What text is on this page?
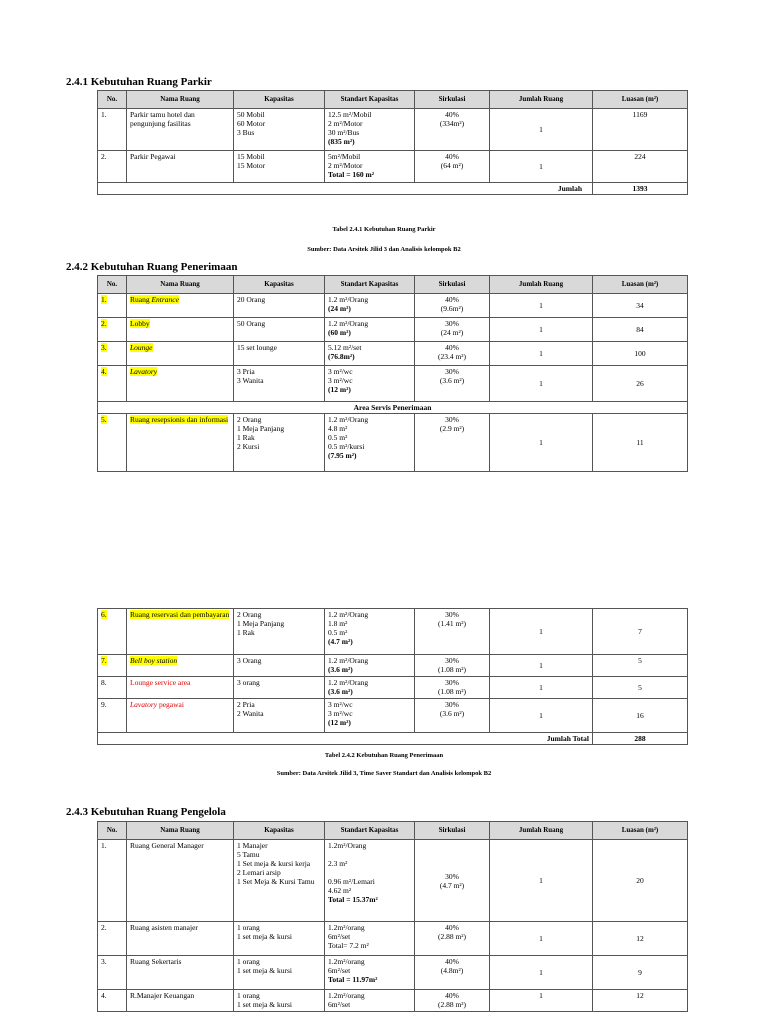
2.4.1 Kebutuhan Ruang Parkir

No.	Nama Ruang	Kapasitas	Standart Kapasitas	Sirkulasi	Jumlah Ruang	Luasan (m²)
1.	Parkir tamu hotel dan pengunjung fasilitas	50 Mobil
60 Motor
3 Bus	12.5 m²/Mobil
2 m²/Motor
30 m²/Bus
(835 m²)	40%
(334m²)	1	1169
2.	Parkir Pegawai	15 Mobil
15 Motor	5m²/Mobil
2 m²/Motor
Total = 160 m²	40%
(64 m²)	1	224
Jumlah						1393
Tabel 2.4.1 Kebutuhan Ruang Parkir
Sumber: Data Arsitek Jilid 3 dan Analisis kelompok B2

2.4.2 Kebutuhan Ruang Penerimaan

No.	Nama Ruang	Kapasitas	Standart Kapasitas	Sirkulasi	Jumlah Ruang	Luasan (m²)
1.	Ruang Entrance	20 Orang	1.2 m²/Orang
(24 m²)	40%
(9.6m²)	1	34
2.	Lobby	50 Orang	1.2 m²/Orang
(60 m²)	30%
(24 m²)	1	84
3.	Lounge	15 set lounge	5.12 m²/set
(76.8m²)	40%
(23.4 m²)	1	100
4.	Lavatory	3 Pria
3 Wanita	3 m²/wc
3 m²/wc
(12 m²)	30%
(3.6 m²)	1	26
Area Servis Penerimaan						
5.	Ruang resepsionis dan informasi	2 Orang
1 Meja Panjang
1 Rak
2 Kursi	1.2 m²/Orang
4.8 m²
0.5 m²
0.5 m²/kursi
(7.95 m²)	30%
(2.9 m²)	1	11
6.	Ruang reservasi dan pembayaran	2 Orang
1 Meja Panjang
1 Rak	1.2 m²/Orang
1.8 m²
0.5 m²
(4.7 m²)	30%
(1.41 m²)	1	7
7.	Bell boy station	3 Orang	1.2 m²/Orang
(3.6 m²)	30%
(1.08 m²)	1	5
8.	Lounge service area	3 orang	1.2 m²/Orang
(3.6 m²)	30%
(1.08 m²)	1	5
9.	Lavatory pegawai	2 Pria
2 Wanita	3 m²/wc
3 m²/wc
(12 m²)	30%
(3.6 m²)	1	16
Jumlah Total						288
Tabel 2.4.2 Kebutuhan Ruang Penerimaan
Sumber: Data Arsitek Jilid 3, Time Saver Standart dan Analisis kelompok B2

2.4.3 Kebutuhan Ruang Pengelola

No.	Nama Ruang	Kapasitas	Standart Kapasitas	Sirkulasi	Jumlah Ruang	Luasan (m²)
1.	Ruang General Manager	1 Manajer
5 Tamu
1 Set meja & kursi kerja
2 Lemari arsip
1 Set Meja & Kursi Tamu	1.2m²/Orang

2.3 m²

0.96 m²/Lemari
4.62 m²
Total = 15.37m²	30%
(4.7 m²)	1	20
2.	Ruang asisten manajer	1 orang
1 set meja & kursi	1.2m²/orang
6m²/set
Total= 7.2 m²	40%
(2.88 m²)	1	12
3.	Ruang Sekertaris	1 orang
1 set meja & kursi	1.2m²/orang
6m²/set
Total = 11.97m²	40%
(4.8m²)	1	9
4.	R.Manajer Keuangan	1 orang
1 set meja & kursi	1.2m²/orang
6m²/set	40%
(2.88 m²)	1	12
